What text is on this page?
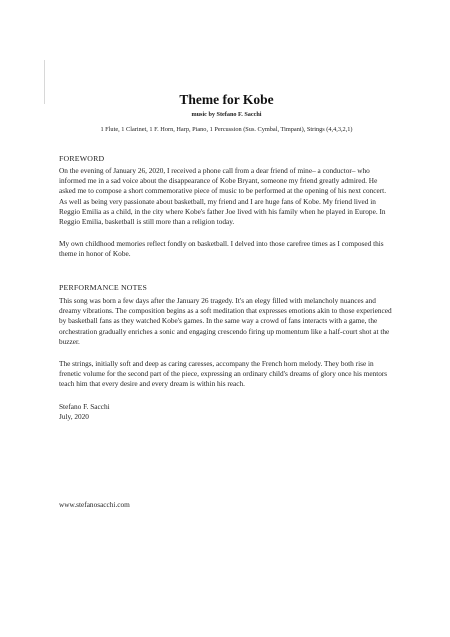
Theme for Kobe
music by Stefano F. Sacchi
1 Flute, 1 Clarinet, 1 F. Horn, Harp, Piano, 1 Percussion (Sus. Cymbal, Timpani), Strings (4,4,3,2,1)
FOREWORD
On the evening of January 26, 2020, I received a phone call from a dear friend of mine– a conductor– who informed me in a sad voice about the disappearance of Kobe Bryant, someone my friend greatly admired. He asked me to compose a short commemorative piece of music to be performed at the opening of his next concert. As well as being very passionate about basketball, my friend and I are huge fans of Kobe. My friend lived in Reggio Emilia as a child, in the city where Kobe's father Joe lived with his family when he played in Europe. In Reggio Emilia, basketball is still more than a religion today.
My own childhood memories reflect fondly on basketball. I delved into those carefree times as I composed this theme in honor of Kobe.
PERFORMANCE NOTES
This song was born a few days after the January 26 tragedy. It's an elegy filled with melancholy nuances and dreamy vibrations. The composition begins as a soft meditation that expresses emotions akin to those experienced by basketball fans as they watched Kobe's games. In the same way a crowd of fans interacts with a game, the orchestration gradually enriches a sonic and engaging crescendo firing up momentum like a half-court shot at the buzzer.
The strings, initially soft and deep as caring caresses, accompany the French horn melody. They both rise in frenetic volume for the second part of the piece, expressing an ordinary child's dreams of glory once his mentors teach him that every desire and every dream is within his reach.
Stefano F. Sacchi
July, 2020
www.stefanosacchi.com
